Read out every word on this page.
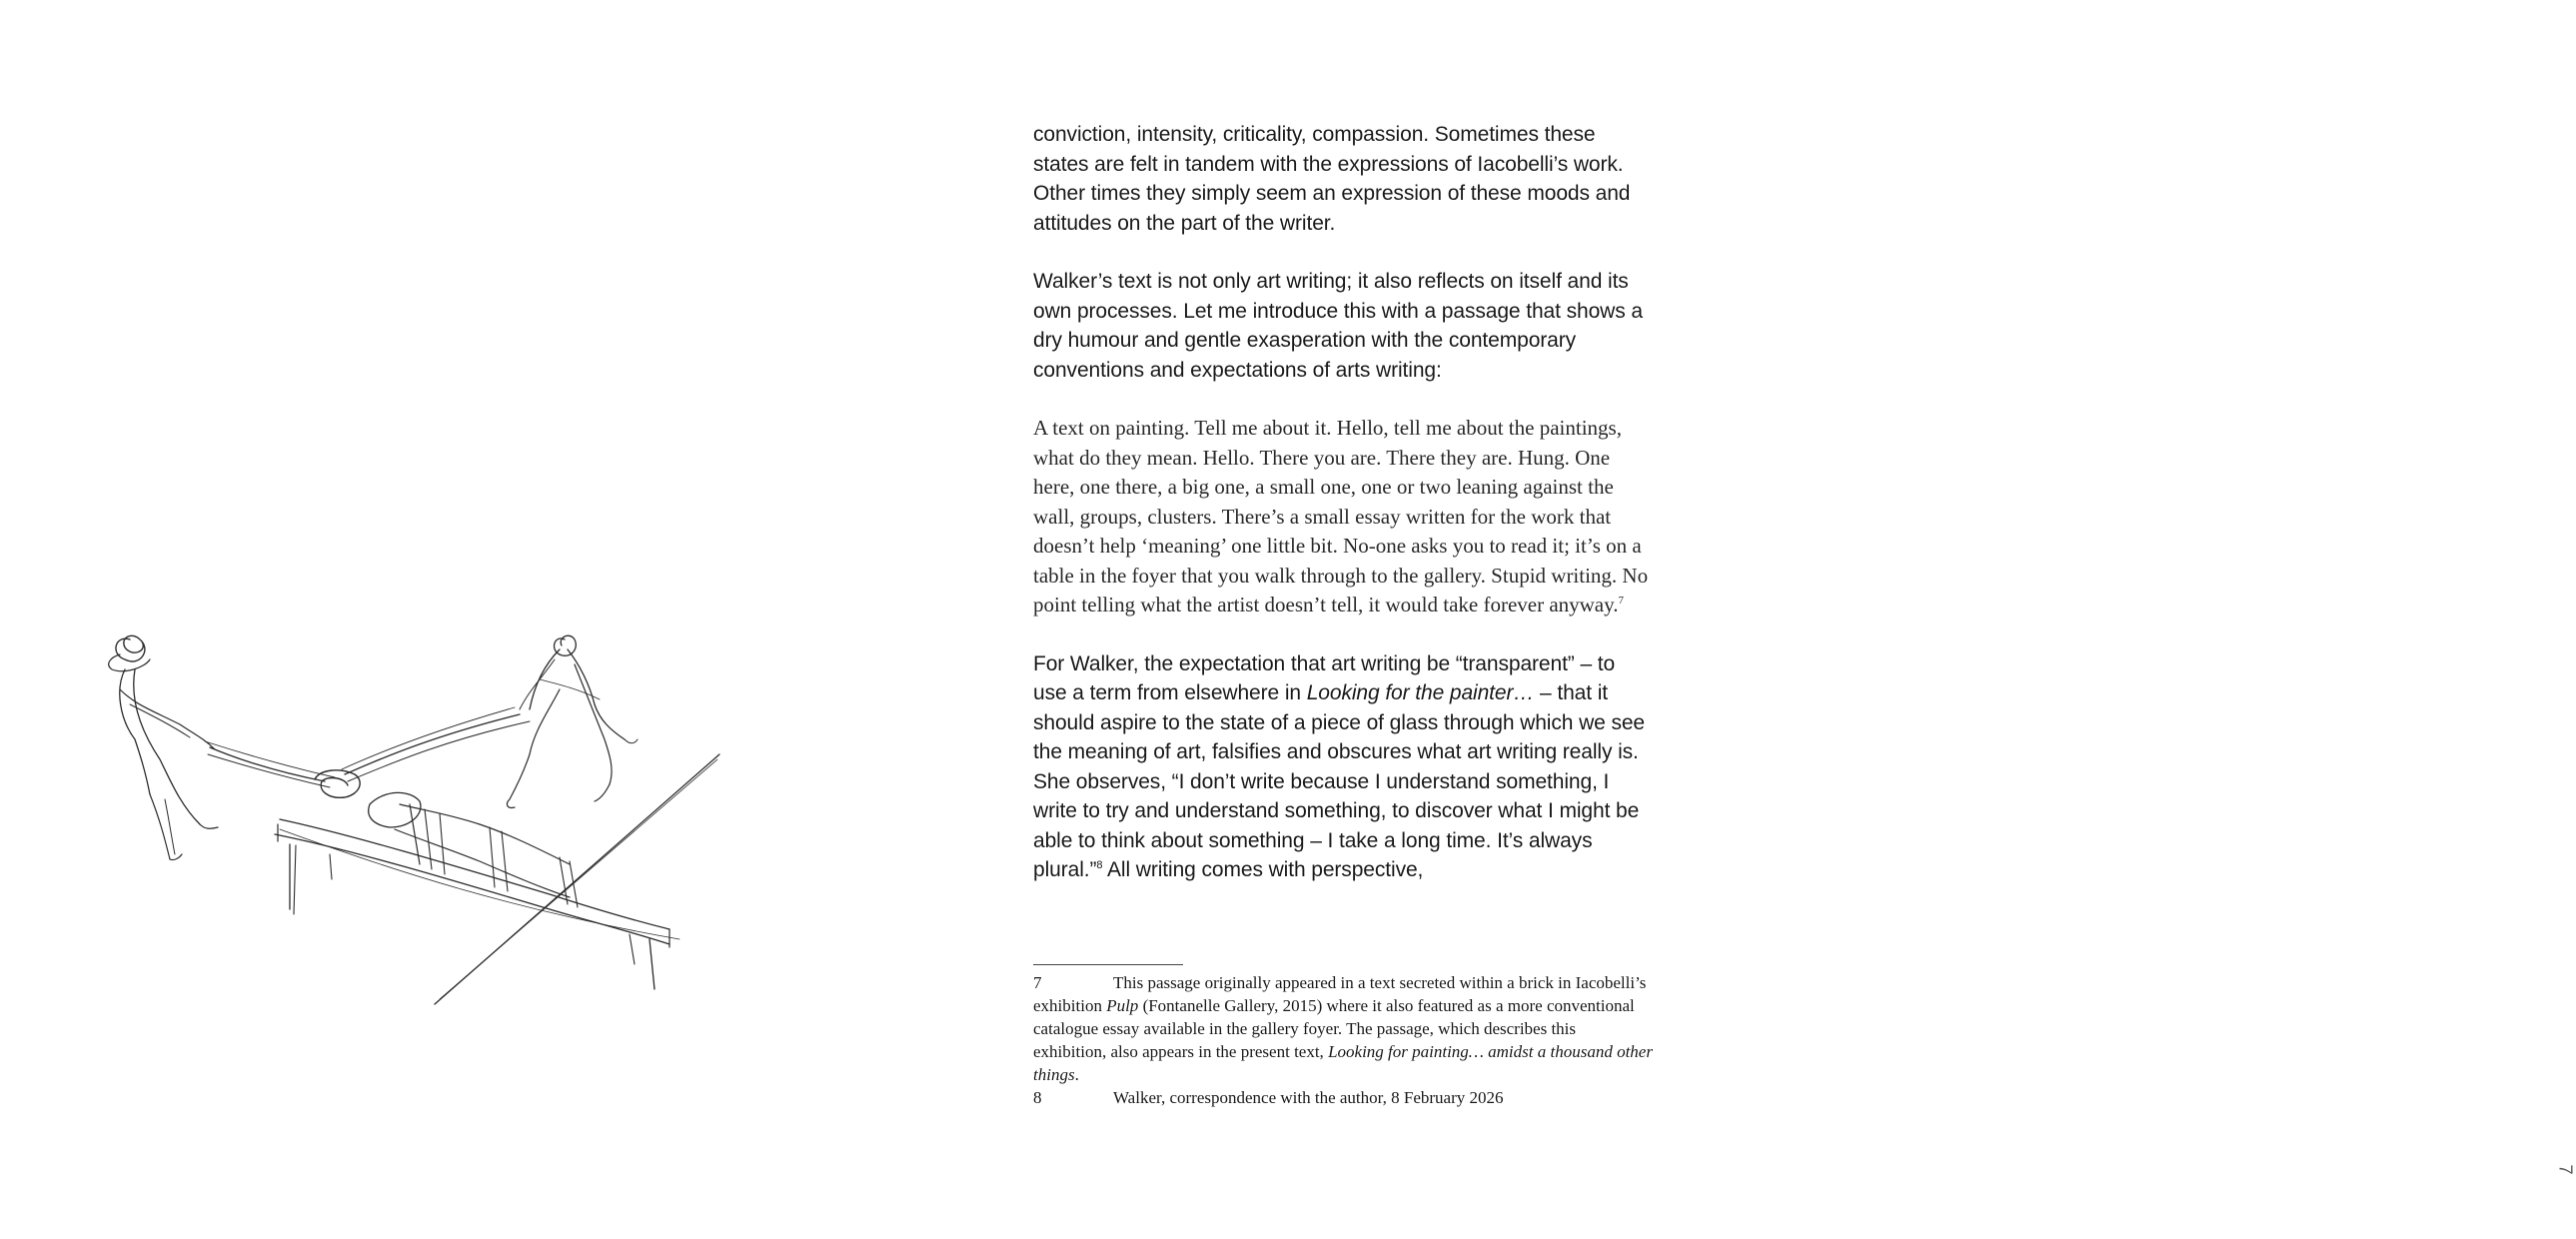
conviction, intensity, criticality, compassion. Sometimes these states are felt in tandem with the expressions of Iacobelli’s work. Other times they simply seem an expression of these moods and attitudes on the part of the writer.

Walker’s text is not only art writing; it also reflects on itself and its own processes. Let me introduce this with a passage that shows a dry humour and gentle exasperation with the contemporary conventions and expectations of arts writing:

A text on painting. Tell me about it. Hello, tell me about the paintings, what do they mean. Hello. There you are. There they are. Hung. One here, one there, a big one, a small one, one or two leaning against the wall, groups, clusters. There’s a small essay written for the work that doesn’t help ‘meaning’ one little bit. No-one asks you to read it; it’s on a table in the foyer that you walk through to the gallery. Stupid writing. No point telling what the artist doesn’t tell, it would take forever anyway.$^7$

For Walker, the expectation that art writing be “transparent” – to use a term from elsewhere in Looking for the painter… – that it should aspire to the state of a piece of glass through which we see the meaning of art, falsifies and obscures what art writing really is. She observes, “I don’t write because I understand something, I write to try and understand something, to discover what I might be able to think about something – I take a long time. It’s always plural.”$^8$ All writing comes with perspective,

7	This passage originally appeared in a text secreted within a brick in Iacobelli’s exhibition Pulp (Fontanelle Gallery, 2015) where it also featured as a more conventional catalogue essay available in the gallery foyer. The passage, which describes this exhibition, also appears in the present text, Looking for painting… amidst a thousand other things.

8	Walker, correspondence with the author, 8 February 2026

7
